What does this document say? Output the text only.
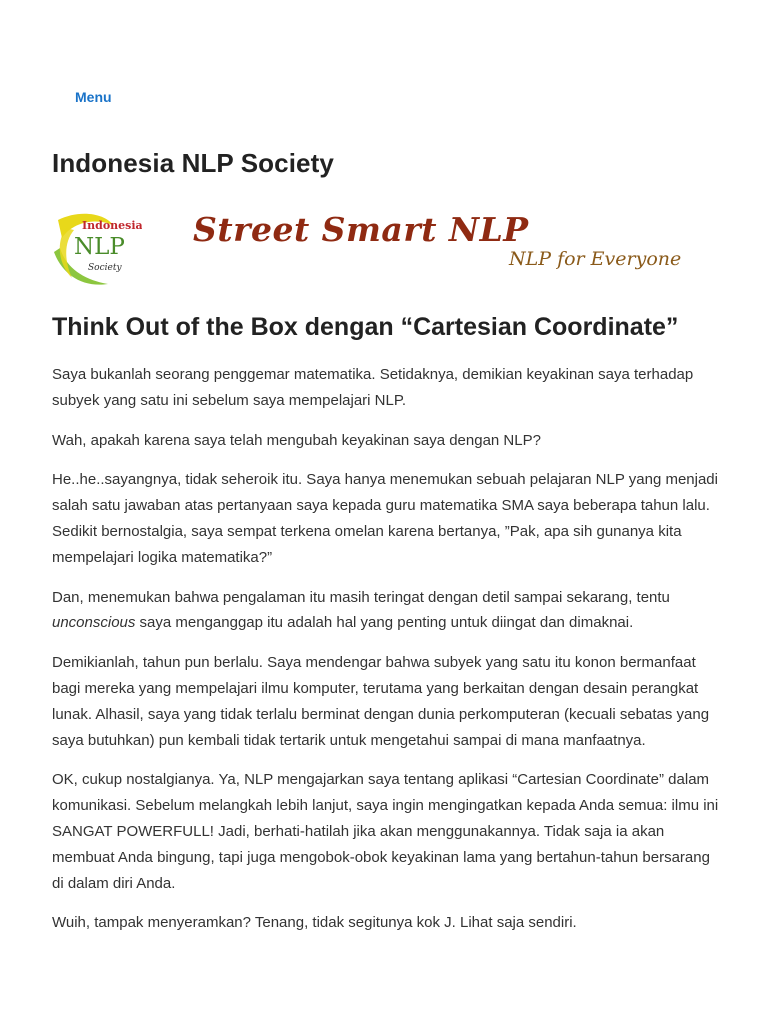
Menu
Indonesia NLP Society
Indonesia
NLP
Society
Street Smart NLP
NLP for Everyone
Think Out of the Box dengan “Cartesian Coordinate”

Saya bukanlah seorang penggemar matematika. Setidaknya, demikian keyakinan saya terhadap subyek yang satu ini sebelum saya mempelajari NLP.

Wah, apakah karena saya telah mengubah keyakinan saya dengan NLP?

He..he..sayangnya, tidak seheroik itu. Saya hanya menemukan sebuah pelajaran NLP yang menjadi salah satu jawaban atas pertanyaan saya kepada guru matematika SMA saya beberapa tahun lalu. Sedikit bernostalgia, saya sempat terkena omelan karena bertanya, ”Pak, apa sih gunanya kita mempelajari logika matematika?”

Dan, menemukan bahwa pengalaman itu masih teringat dengan detil sampai sekarang, tentu unconscious saya menganggap itu adalah hal yang penting untuk diingat dan dimaknai.

Demikianlah, tahun pun berlalu. Saya mendengar bahwa subyek yang satu itu konon bermanfaat bagi mereka yang mempelajari ilmu komputer, terutama yang berkaitan dengan desain perangkat lunak. Alhasil, saya yang tidak terlalu berminat dengan dunia perkomputeran (kecuali sebatas yang saya butuhkan) pun kembali tidak tertarik untuk mengetahui sampai di mana manfaatnya.

OK, cukup nostalgianya. Ya, NLP mengajarkan saya tentang aplikasi “Cartesian Coordinate” dalam komunikasi. Sebelum melangkah lebih lanjut, saya ingin mengingatkan kepada Anda semua: ilmu ini SANGAT POWERFULL! Jadi, berhati-hatilah jika akan menggunakannya. Tidak saja ia akan membuat Anda bingung, tapi juga mengobok-obok keyakinan lama yang bertahun-tahun bersarang di dalam diri Anda.

Wuih, tampak menyeramkan? Tenang, tidak segitunya kok J. Lihat saja sendiri.
